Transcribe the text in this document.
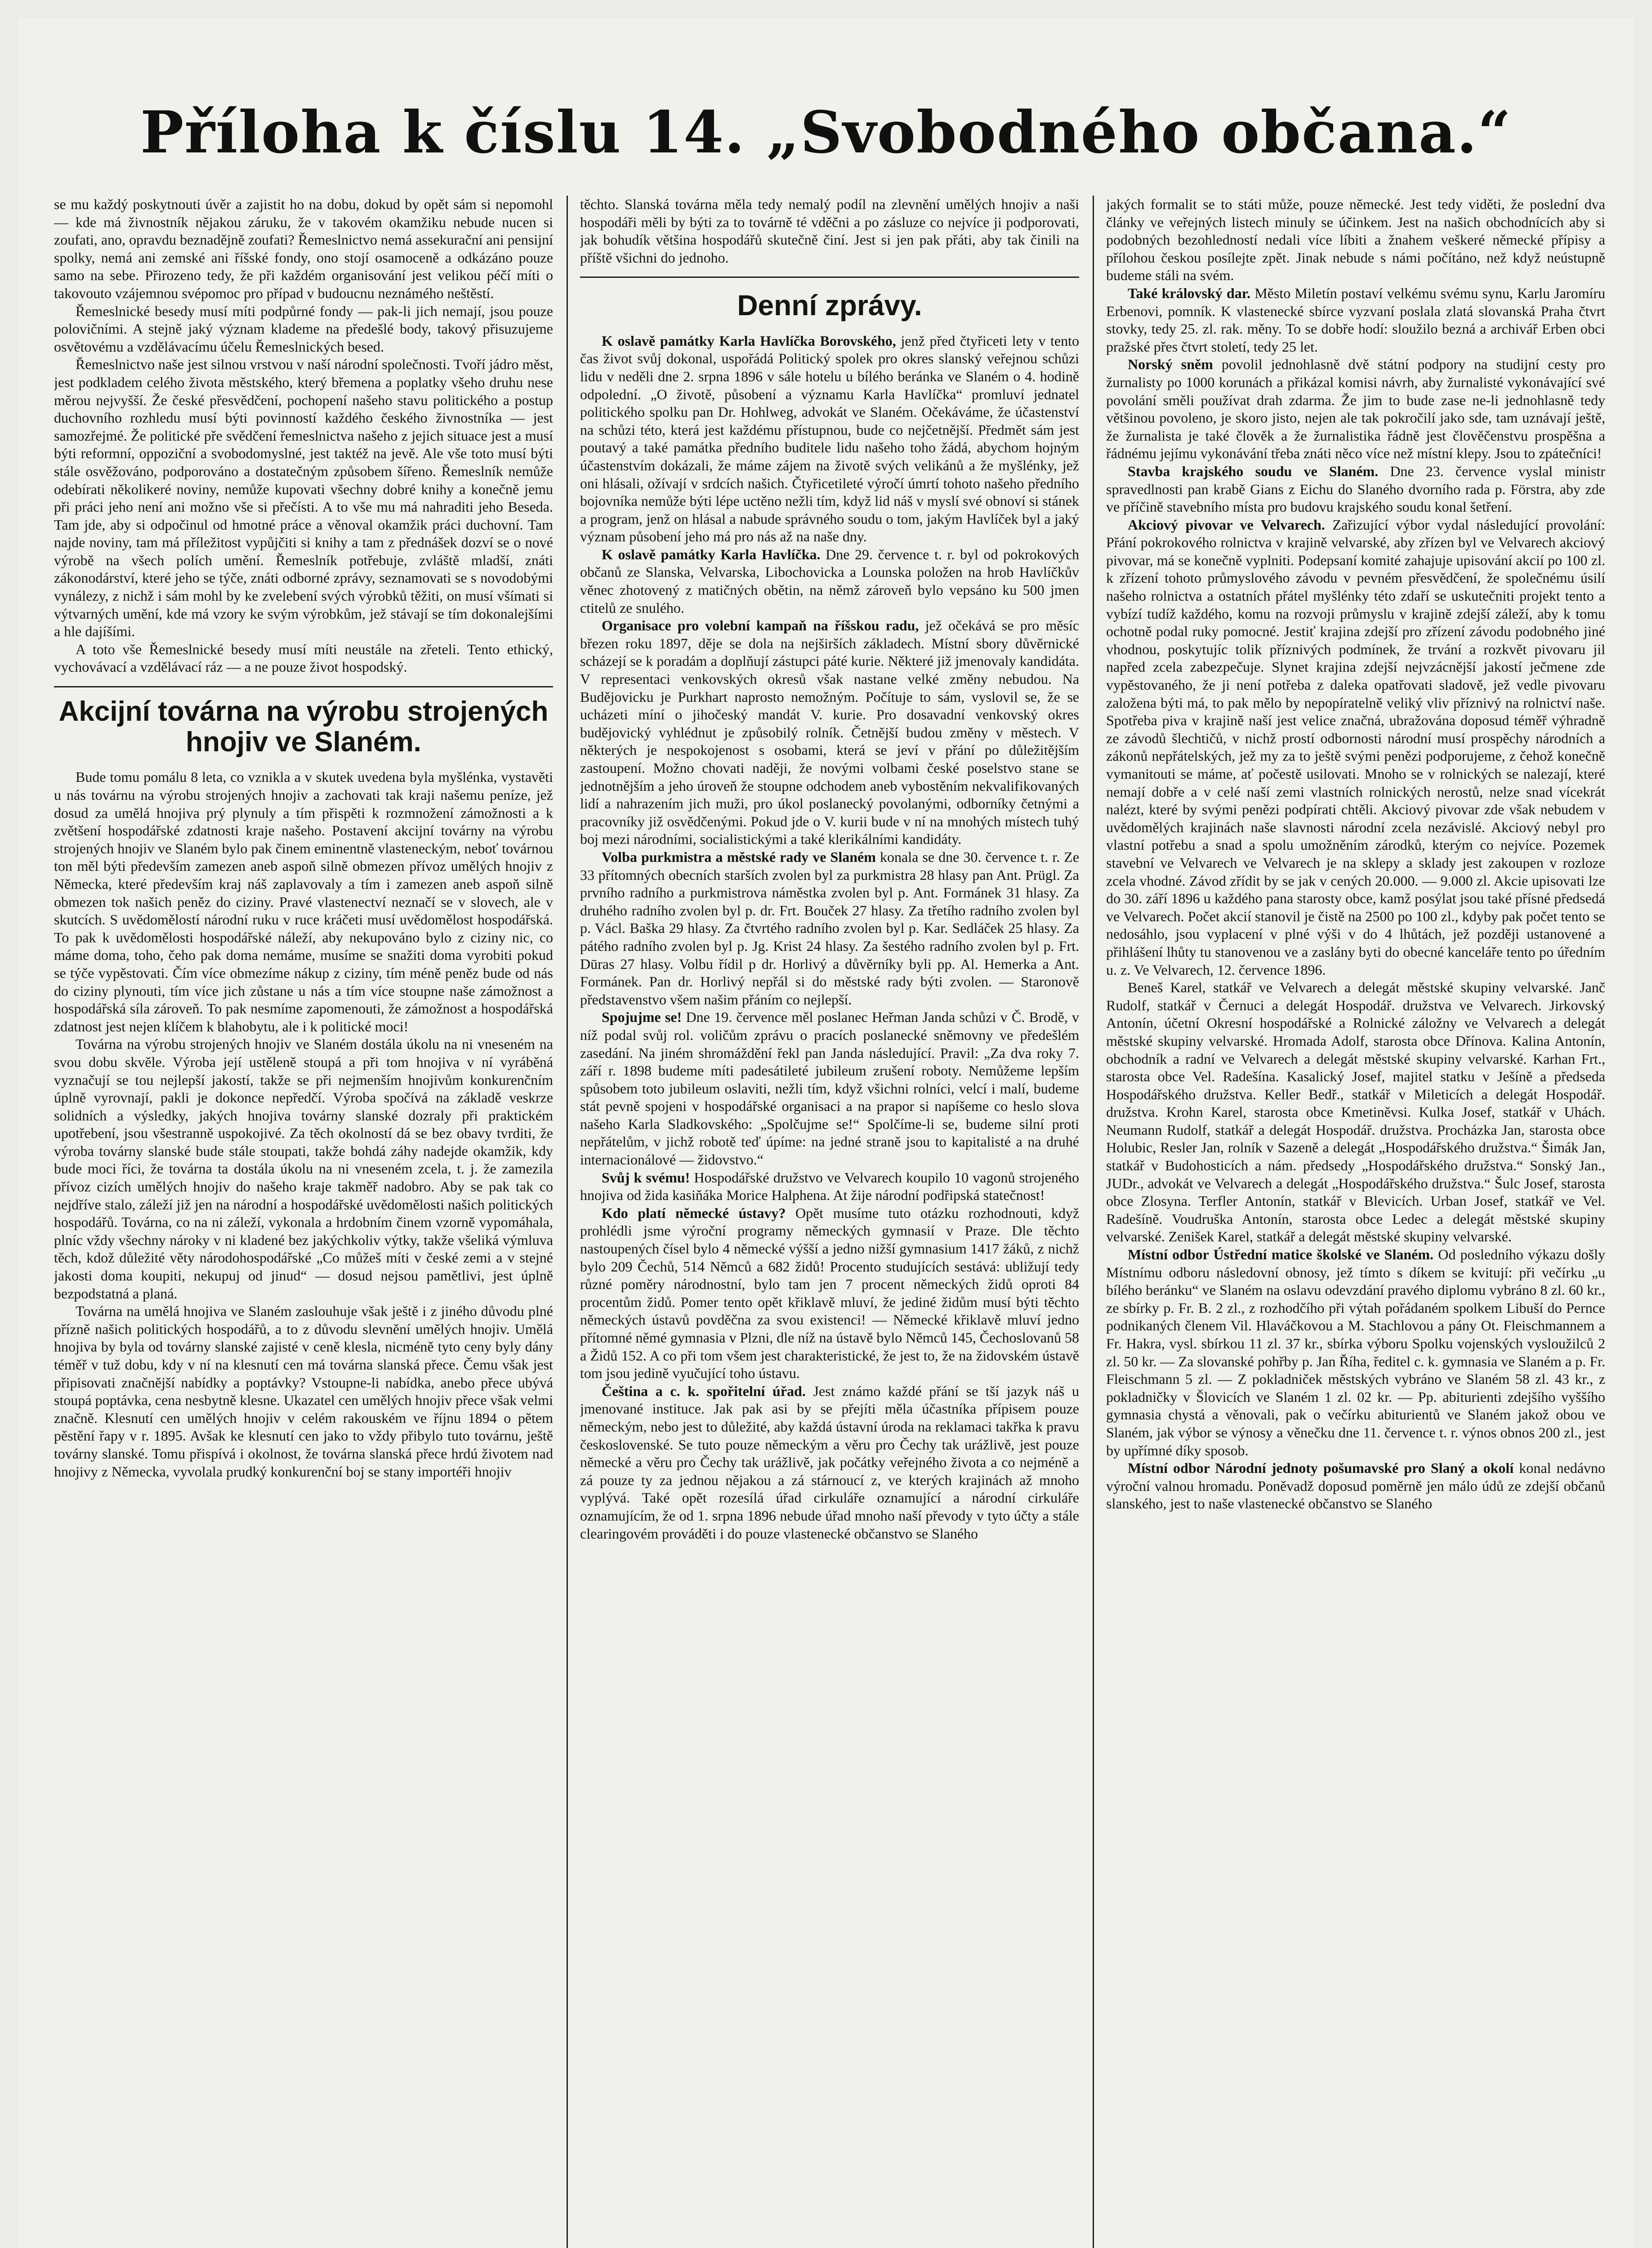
Příloha k číslu 14. „Svobodného občana.“

se mu každý poskytnouti úvěr a zajistit ho na dobu, dokud by opět sám si nepomohl — kde má živnostník nějakou záruku, že v takovém okamžiku nebude nucen si zoufati, ano, opravdu beznadějně zoufati? Řemeslnictvo nemá assekurační ani pensijní spolky, nemá ani zemské ani říšské fondy, ono stojí osamoceně a odkázáno pouze samo na sebe. Přirozeno tedy, že při každém organisování jest velikou péčí míti o takovouto vzájemnou svépomoc pro případ v budoucnu neznámého neštěstí.

Řemeslnické besedy musí míti podpůrné fondy — pak-li jich nemají, jsou pouze polovičními. A stejně jaký význam klademe na předešlé body, takový přisuzujeme osvětovému a vzdělávacímu účelu Řemeslnických besed.

Řemeslnictvo naše jest silnou vrstvou v naší národní společnosti. Tvoří jádro měst, jest podkladem celého života městského, který břemena a poplatky všeho druhu nese měrou nejvyšší. Že české přesvědčení, pochopení našeho stavu politického a postup duchovního rozhledu musí býti povinností každého českého živnostníka — jest samozřejmé. Že politické pře svědčení řemeslnictva našeho z jejich situace jest a musí býti reformní, oppoziční a svobodomyslné, jest taktéž na jevě. Ale vše toto musí býti stále osvěžováno, podporováno a dostatečným způsobem šířeno. Řemeslník nemůže odebírati několikeré noviny, nemůže kupovati všechny dobré knihy a konečně jemu při práci jeho není ani možno vše si přečísti. A to vše mu má nahraditi jeho Beseda. Tam jde, aby si odpočinul od hmotné práce a věnoval okamžik práci duchovní. Tam najde noviny, tam má příležitost vypůjčiti si knihy a tam z přednášek dozví se o nové výrobě na všech polích umění. Řemeslník potřebuje, zvláště mladší, znáti zákonodárství, které jeho se týče, znáti odborné zprávy, seznamovati se s novodobými vynálezy, z nichž i sám mohl by ke zvelebení svých výrobků těžiti, on musí všímati si výtvarných umění, kde má vzory ke svým výrobkům, jež stávají se tím dokonalejšími a hle dajíšími.

A toto vše Řemeslnické besedy musí míti neustále na zřeteli. Tento ethický, vychovávací a vzdělávací ráz — a ne pouze život hospodský.

Akcijní továrna na výrobu strojených hnojiv ve Slaném.

Bude tomu pomálu 8 leta, co vznikla a v skutek uvedena byla myšlénka, vystavěti u nás továrnu na výrobu strojených hnojiv a zachovati tak kraji našemu peníze, jež dosud za umělá hnojiva prý plynuly a tím přispěti k rozmnožení zámožnosti a k zvětšení hospodářské zdatnosti kraje našeho. Postavení akcijní továrny na výrobu strojených hnojiv ve Slaném bylo pak činem eminentně vlasteneckým, neboť továrnou ton měl býti především zamezen aneb aspoň silně obmezen přívoz umělých hnojiv z Německa, které především kraj náš zaplavovaly a tím i zamezen aneb aspoň silně obmezen tok našich peněz do ciziny. Pravé vlastenectví neznačí se v slovech, ale v skutcích. S uvědomělostí národní ruku v ruce kráčeti musí uvědomělost hospodářská. To pak k uvědomělosti hospodářské náleží, aby nekupováno bylo z ciziny nic, co máme doma, toho, čeho pak doma nemáme, musíme se snažiti doma vyrobiti pokud se týče vypěstovati. Čím více obmezíme nákup z ciziny, tím méně peněz bude od nás do ciziny plynouti, tím více jich zůstane u nás a tím více stoupne naše zámožnost a hospodářská síla zároveň. To pak nesmíme zapomenouti, že zámožnost a hospodářská zdatnost jest nejen klíčem k blahobytu, ale i k politické moci!

Továrna na výrobu strojených hnojiv ve Slaném dostála úkolu na ni vneseném na svou dobu skvěle. Výroba její ustěleně stoupá a při tom hnojiva v ní vyráběná vyznačují se tou nejlepší jakostí, takže se při nejmenším hnojivům konkurenčním úplně vyrovnají, pakli je dokonce nepředčí. Výroba spočívá na základě veskrze solidních a výsledky, jakých hnojiva továrny slanské dozraly při praktickém upotřebení, jsou všestranně uspokojivé. Za těch okolností dá se bez obavy tvrditi, že výroba továrny slanské bude stále stoupati, takže bohdá záhy nadejde okamžik, kdy bude moci říci, že továrna ta dostála úkolu na ni vneseném zcela, t. j. že zamezila přívoz cizích umělých hnojiv do našeho kraje takměř nadobro. Aby se pak tak co nejdříve stalo, záleží již jen na národní a hospodářské uvědomělosti našich politických hospodářů. Továrna, co na ni záleží, vykonala a hrdobním činem vzorně vypomáhala, plníc vždy všechny nároky v ni kladené bez jakýchkoliv výtky, takže všeliká výmluva těch, kdož důležité věty národohospodářské „Co můžeš míti v české zemi a v stejné jakosti doma koupiti, nekupuj od jinud“ — dosud nejsou pamětlivi, jest úplně bezpodstatná a planá.

Továrna na umělá hnojiva ve Slaném zaslouhuje však ještě i z jiného důvodu plné přízně našich politických hospodářů, a to z důvodu slevnění umělých hnojiv. Umělá hnojiva by byla od továrny slanské zajisté v ceně klesla, nicméně tyto ceny byly dány téměř v tuž dobu, kdy v ní na klesnutí cen má továrna slanská přece. Čemu však jest připisovati značnější nabídky a poptávky? Vstoupne-li nabídka, anebo přece ubývá stoupá poptávka, cena nesbytně klesne. Ukazatel cen umělých hnojiv přece však velmi značně. Klesnutí cen umělých hnojiv v celém rakouském ve říjnu 1894 o pětem pěstění řapy v r. 1895. Avšak ke klesnutí cen jako to vždy přibylo tuto továrnu, ještě továrny slanské. Tomu přispívá i okolnost, že továrna slanská přece hrdú životem nad hnojivy z Německa, vyvolala prudký konkurenční boj se stany importéři hnojiv

těchto. Slanská továrna měla tedy nemalý podíl na zlevnění umělých hnojiv a naši hospodáři měli by býti za to továrně té vděčni a po zásluze co nejvíce ji podporovati, jak bohudík většina hospodářů skutečně činí. Jest si jen pak přáti, aby tak činili na příště všichni do jednoho.

Denní zprávy.

K oslavě památky Karla Havlíčka Borovského, jenž před čtyřiceti lety v tento čas život svůj dokonal, uspořádá Politický spolek pro okres slanský veřejnou schůzi lidu v neděli dne 2. srpna 1896 v sále hotelu u bílého beránka ve Slaném o 4. hodině odpolední. „O životě, působení a významu Karla Havlíčka“ promluví jednatel politického spolku pan Dr. Hohlweg, advokát ve Slaném. Očekáváme, že účastenství na schůzi této, která jest každému přístupnou, bude co nejčetnější. Předmět sám jest poutavý a také památka předního buditele lidu našeho toho žádá, abychom hojným účastenstvím dokázali, že máme zájem na životě svých velikánů a že myšlénky, jež oni hlásali, ožívají v srdcích našich. Čtyřicetileté výročí úmrtí tohoto našeho předního bojovníka nemůže býti lépe uctěno nežli tím, když lid náš v myslí své obnoví si stánek a program, jenž on hlásal a nabude správného soudu o tom, jakým Havlíček byl a jaký význam působení jeho má pro nás až na naše dny.

K oslavě památky Karla Havlíčka. Dne 29. července t. r. byl od pokrokových občanů ze Slanska, Velvarska, Libochovicka a Lounska položen na hrob Havlíčkův věnec zhotovený z matičných obětin, na němž zároveň bylo vepsáno ku 500 jmen ctitelů ze snulého.

Organisace pro volební kampaň na říšskou radu, jež očekává se pro měsíc březen roku 1897, děje se dola na nejširších základech. Místní sbory důvěrnické scházejí se k poradám a doplňují zástupci páté kurie. Některé již jmenovaly kandidáta. V representaci venkovských okresů však nastane velké změny nebudou. Na Budějovicku je Purkhart naprosto nemožným. Počítuje to sám, vyslovil se, že se ucházeti míní o jihočeský mandát V. kurie. Pro dosavadní venkovský okres budějovický vyhlédnut je způsobilý rolník. Četnější budou změny v městech. V některých je nespokojenost s osobami, která se jeví v přání po důležitějším zastoupení. Možno chovati naději, že novými volbami české poselstvo stane se jednotnějším a jeho úroveň že stoupne odchodem aneb vybostěním nekvalifikovaných lidí a nahrazením jich muži, pro úkol poslanecký povolanými, odborníky četnými a pracovníky již osvědčenými. Pokud jde o V. kurii bude v ní na mnohých místech tuhý boj mezi národními, socialistickými a také klerikálními kandidáty.

Volba purkmistra a městské rady ve Slaném konala se dne 30. července t. r. Ze 33 přítomných obecních starších zvolen byl za purkmistra 28 hlasy pan Ant. Prügl. Za prvního radního a purkmistrova náměstka zvolen byl p. Ant. Formánek 31 hlasy. Za druhého radního zvolen byl p. dr. Frt. Bouček 27 hlasy. Za třetího radního zvolen byl p. Václ. Baška 29 hlasy. Za čtvrtého radního zvolen byl p. Kar. Sedláček 25 hlasy. Za pátého radního zvolen byl p. Jg. Krist 24 hlasy. Za šestého radního zvolen byl p. Frt. Dūras 27 hlasy. Volbu řídil p dr. Horlivý a důvěrníky byli pp. Al. Hemerka a Ant. Formánek. Pan dr. Horlivý nepřál si do městské rady býti zvolen. — Staronově představenstvo všem našim přáním co nejlepší.

Spojujme se! Dne 19. července měl poslanec Heřman Janda schůzi v Č. Brodě, v níž podal svůj rol. voličům zprávu o pracích poslanecké sněmovny ve předešlém zasedání. Na jiném shromáždění řekl pan Janda následující. Pravil: „Za dva roky 7. září r. 1898 budeme míti padesátileté jubileum zrušení roboty. Nemůžeme lepším spůsobem toto jubileum oslaviti, nežli tím, když všichni rolníci, velcí i malí, budeme stát pevně spojeni v hospodářské organisaci a na prapor si napíšeme co heslo slova našeho Karla Sladkovského: „Spolčujme se!“ Spolčíme-li se, budeme silní proti nepřátelům, v jichž robotě teď úpíme: na jedné straně jsou to kapitalisté a na druhé internacionálové — židovstvo.“

Svůj k svému! Hospodářské družstvo ve Velvarech koupilo 10 vagonů strojeného hnojiva od žida kasiňáka Morice Halphena. At žije národní podřipská statečnost!

Kdo platí německé ústavy? Opět musíme tuto otázku rozhodnouti, když prohlédli jsme výroční programy německých gymnasií v Praze. Dle těchto nastoupených čísel bylo 4 německé výšší a jedno nižší gymnasium 1417 žáků, z nichž bylo 209 Čechů, 514 Němců a 682 židů! Procento studujících sestává: ubližují tedy různé poměry národnostní, bylo tam jen 7 procent německých židů oproti 84 procentům židů. Pomer tento opět křiklavě mluví, že jediné židům musí býti těchto německých ústavů povděčna za svou existenci! — Německé křiklavě mluví jedno přítomné němé gymnasia v Plzni, dle níž na ústavě bylo Němců 145, Čechoslovanů 58 a Židů 152. A co při tom všem jest charakteristické, že jest to, že na židovském ústavě tom jsou jedině vyučující toho ústavu.

Čeština a c. k. spořitelní úřad. Jest známo každé přání se tší jazyk náš u jmenované instituce. Jak pak asi by se přejíti měla účastníka přípisem pouze německým, nebo jest to důležité, aby každá ústavní úroda na reklamaci takřka k pravu československé. Se tuto pouze německým a věru pro Čechy tak urážlivě, jest pouze německé a věru pro Čechy tak urážlivě, jak počátky veřejného života a co nejméně a zá pouze ty za jednou nějakou a zá stárnoucí z, ve kterých krajinách až mnoho vyplývá. Také opět rozesílá úřad cirkuláře oznamující a národní cirkuláře oznamujícím, že od 1. srpna 1896 nebude úřad mnoho naší převody v tyto účty a stále clearingovém prováděti i do pouze vlastenecké občanstvo se Slaného

jakých formalit se to státi může, pouze německé. Jest tedy viděti, že poslední dva články ve veřejných listech minuly se účinkem. Jest na našich obchodnících aby si podobných bezohledností nedali více líbiti a žnahem veškeré německé přípisy a přílohou českou posílejte zpět. Jinak nebude s námi počítáno, než když neústupně budeme stáli na svém.

Také královský dar. Město Miletín postaví velkému svému synu, Karlu Jaromíru Erbenovi, pomník. K vlastenecké sbírce vyzvaní poslala zlatá slovanská Praha čtvrt stovky, tedy 25. zl. rak. měny. To se dobře hodí: sloužilo bezná a archivář Erben obci pražské přes čtvrt století, tedy 25 let.

Norský sněm povolil jednohlasně dvě státní podpory na studijní cesty pro žurnalisty po 1000 korunách a přikázal komisi návrh, aby žurnalisté vykonávající své povolání směli používat drah zdarma. Že jim to bude zase ne-li jednohlasně tedy většinou povoleno, je skoro jisto, nejen ale tak pokročilí jako sde, tam uznávají ještě, že žurnalista je také člověk a že žurnalistika řádně jest člověčenstvu prospěšna a řádnému jejímu vykonávání třeba znáti něco více než místní klepy. Jsou to zpátečníci!

Stavba krajského soudu ve Slaném. Dne 23. července vyslal ministr spravedlnosti pan krabě Gians z Eichu do Slaného dvorního rada p. Förstra, aby zde ve příčině stavebního místa pro budovu krajského soudu konal šetření.

Akciový pivovar ve Velvarech. Zařizující výbor vydal následující provolání: Přání pokrokového rolnictva v krajině velvarské, aby zřízen byl ve Velvarech akciový pivovar, má se konečně vyplniti. Podepsaní komité zahajuje upisování akcií po 100 zl. k zřízení tohoto průmyslového závodu v pevném přesvědčení, že společnému úsilí našeho rolnictva a ostatních přátel myšlénky této zdaří se uskutečniti projekt tento a vybízí tudíž každého, komu na rozvoji průmyslu v krajině zdejší záleží, aby k tomu ochotně podal ruky pomocné. Jestiť krajina zdejší pro zřízení závodu podobného jiné vhodnou, poskytujíc tolik příznivých podmínek, že trvání a rozkvět pivovaru jil napřed zcela zabezpečuje. Slynet krajina zdejší nejvzácnější jakostí ječmene zde vypěstovaného, že ji není potřeba z daleka opatřovati sladově, jež vedle pivovaru založena býti má, to pak mělo by nepopíratelně veliký vliv příznivý na rolnictví naše. Spotřeba piva v krajině naší jest velice značná, ubražována doposud téměř výhradně ze závodů šlechtičů, v nichž prostí odbornosti národní musí prospěchy národních a zákonů nepřátelských, jež my za to ještě svými penězi podporujeme, z čehož konečně vymanitouti se máme, ať počestě usilovati. Mnoho se v rolnických se nalezají, které nemají dobře a v celé naší zemi vlastních rolnických nerostů, nelze snad vícekrát nalézt, které by svými penězi podpírati chtěli. Akciový pivovar zde však nebudem v uvědomělých krajinách naše slavnosti národní zcela nezávislé. Akciový nebyl pro vlastní potřebu a snad a spolu umožněním zárodků, kterým co nejvíce. Pozemek stavební ve Velvarech ve Velvarech je na sklepy a sklady jest zakoupen v rozloze zcela vhodné. Závod zřídit by se jak v cených 20.000. — 9.000 zl. Akcie upisovati lze do 30. září 1896 u každého pana starosty obce, kamž posýlat jsou také přísné předsedá ve Velvarech. Počet akcií stanovil je čistě na 2500 po 100 zl., kdyby pak počet tento se nedosáhlo, jsou vyplacení v plné výši v do 4 lhůtách, jež později ustanovené a přihlášení lhůty tu stanovenou ve a zaslány byti do obecné kanceláře tento po úředním u. z. Ve Velvarech, 12. července 1896.

Beneš Karel, statkář ve Velvarech a delegát městské skupiny velvarské. Janč Rudolf, statkář v Černuci a delegát Hospodář. družstva ve Velvarech. Jirkovský Antonín, účetní Okresní hospodářské a Rolnické záložny ve Velvarech a delegát městské skupiny velvarské. Hromada Adolf, starosta obce Dřínova. Kalina Antonín, obchodník a radní ve Velvarech a delegát městské skupiny velvarské. Karhan Frt., starosta obce Vel. Radešína. Kasalický Josef, majitel statku v Ješíně a předseda Hospodářského družstva. Keller Bedř., statkář v Mileticích a delegát Hospodář. družstva. Krohn Karel, starosta obce Kmetiněvsi. Kulka Josef, statkář v Uhách. Neumann Rudolf, statkář a delegát Hospodář. družstva. Procházka Jan, starosta obce Holubic, Resler Jan, rolník v Sazeně a delegát „Hospodářského družstva.“ Šimák Jan, statkář v Budohosticích a nám. předsedy „Hospodářského družstva.“ Sonský Jan., JUDr., advokát ve Velvarech a delegát „Hospodářského družstva.“ Šulc Josef, starosta obce Zlosyna. Terfler Antonín, statkář v Blevicích. Urban Josef, statkář ve Vel. Radešíně. Voudruška Antonín, starosta obce Ledec a delegát městské skupiny velvarské. Zenišek Karel, statkář a delegát městské skupiny velvarské.

Místní odbor Ústřední matice školské ve Slaném. Od posledního výkazu došly Místnímu odboru následovní obnosy, jež tímto s díkem se kvitují: při večírku „u bílého beránku“ ve Slaném na oslavu odevzdání pravého diplomu vybráno 8 zl. 60 kr., ze sbírky p. Fr. B. 2 zl., z rozhodčího při výtah pořádaném spolkem Libuší do Pernce podnikaných členem Vil. Hlaváčkovou a M. Stachlovou a pány Ot. Fleischmannem a Fr. Hakra, vysl. sbírkou 11 zl. 37 kr., sbírka výboru Spolku vojenských vysloužilců 2 zl. 50 kr. — Za slovanské pohřby p. Jan Říha, ředitel c. k. gymnasia ve Slaném a p. Fr. Fleischmann 5 zl. — Z pokladniček městských vybráno ve Slaném 58 zl. 43 kr., z pokladničky v Šlovicích ve Slaném 1 zl. 02 kr. — Pp. abiturienti zdejšího vyššího gymnasia chystá a věnovali, pak o večírku abiturientů ve Slaném jakož obou ve Slaném, jak výbor se výnosy a věnečku dne 11. července t. r. výnos obnos 200 zl., jest by upřímné díky sposob.

Místní odbor Národní jednoty pošumavské pro Slaný a okolí konal nedávno výroční valnou hromadu. Poněvadž doposud poměrně jen málo údů ze zdejší občanů slanského, jest to naše vlastenecké občanstvo se Slaného
